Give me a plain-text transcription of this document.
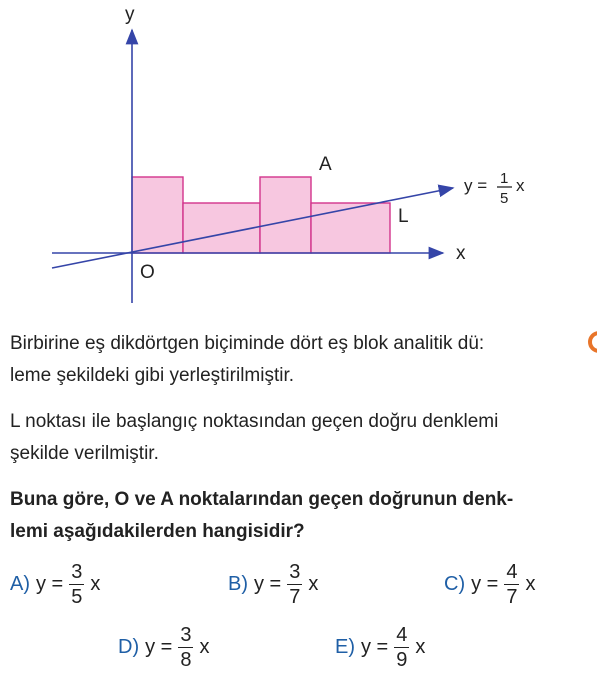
y
x
O
A
L
y = 1
5
x

Birbirine eş dikdörtgen biçiminde dört eş blok analitik dü:
leme şekildeki gibi yerleştirilmiştir.

L noktası ile başlangıç noktasından geçen doğru denklemi
şekilde verilmiştir.

Buna göre, O ve A noktalarından geçen doğrunun denk-
lemi aşağıdakilerden hangisidir?

A) $y = \frac{3}{5}$ x	B) $y = \frac{3}{7}$ x	C) $y = \frac{4}{7}$ x
D) $y = \frac{3}{8}$ x	E) $y = \frac{4}{9}$ x
